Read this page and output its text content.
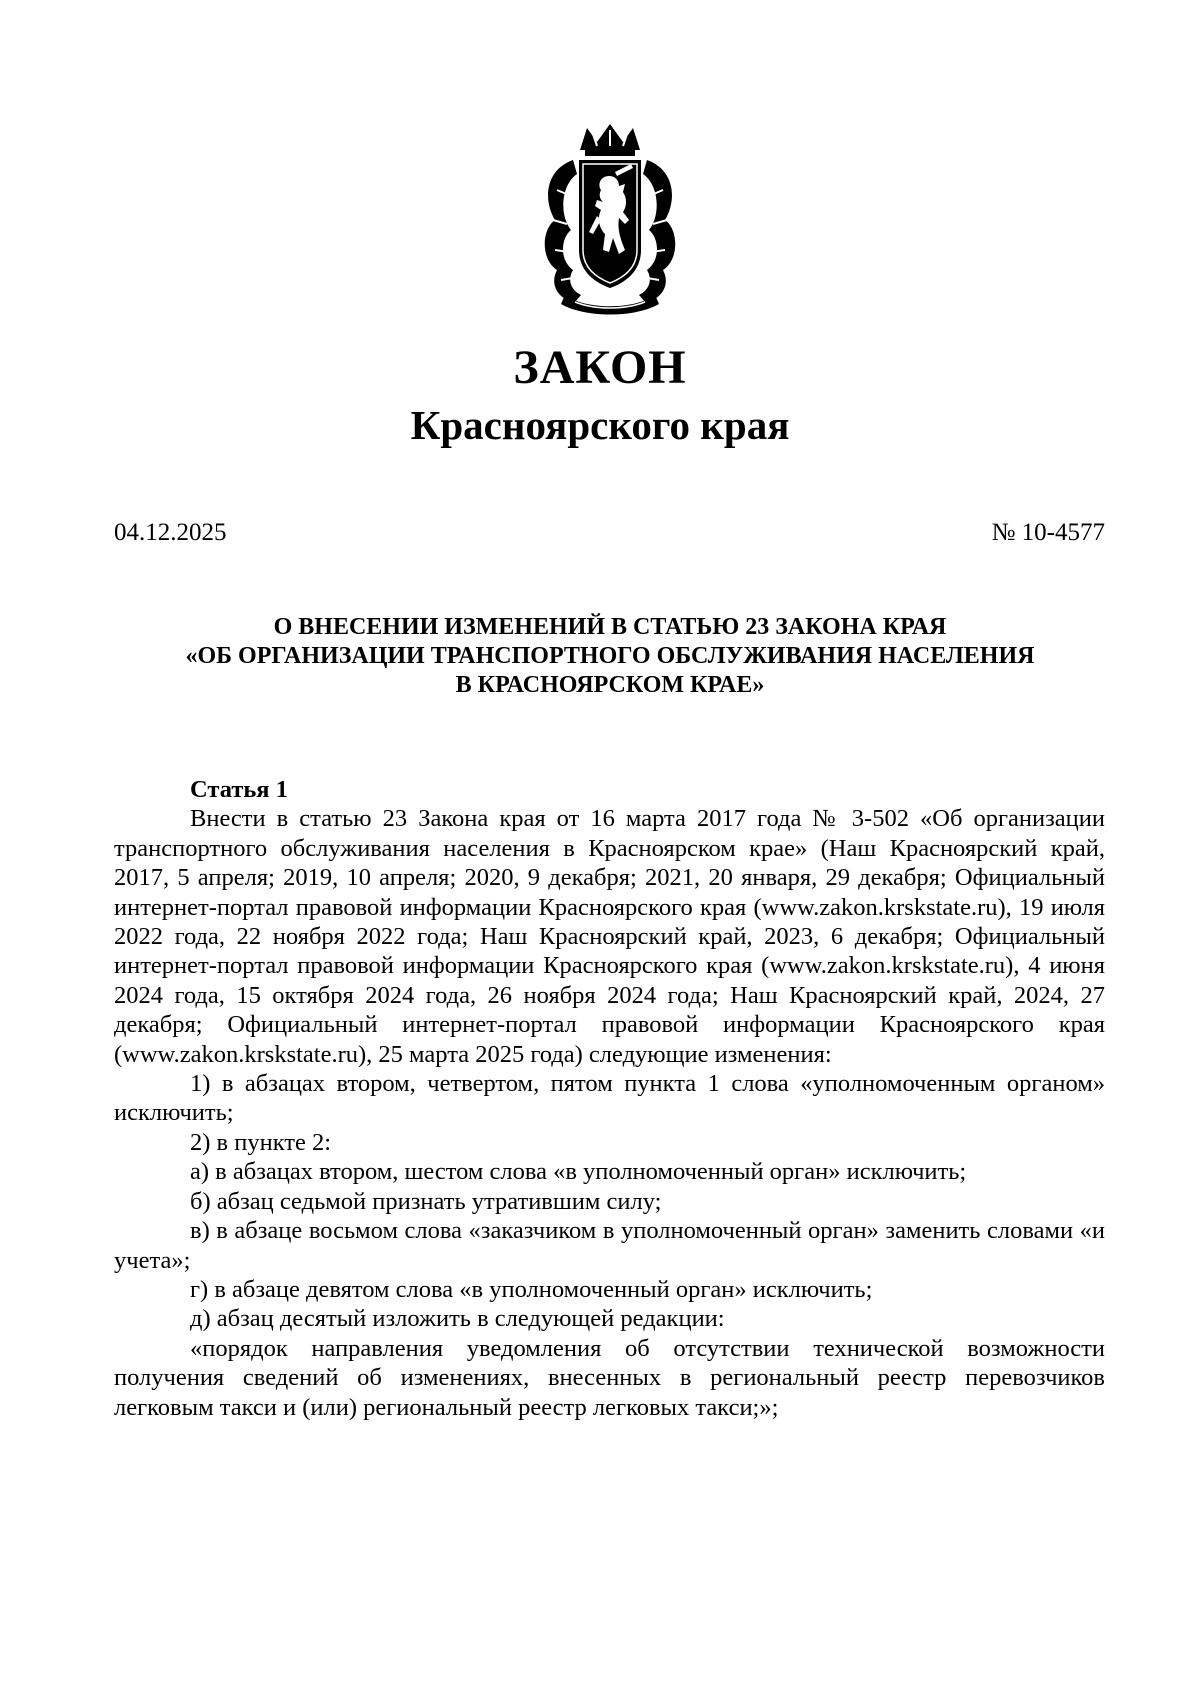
ЗАКОН
Красноярского края
04.12.2025	№ 10-4577
О ВНЕСЕНИИ ИЗМЕНЕНИЙ В СТАТЬЮ 23 ЗАКОНА КРАЯ
«ОБ ОРГАНИЗАЦИИ ТРАНСПОРТНОГО ОБСЛУЖИВАНИЯ НАСЕЛЕНИЯ
В КРАСНОЯРСКОМ КРАЕ»

Статья 1

Внести в статью 23 Закона края от 16 марта 2017 года № 3-502 «Об организации транспортного обслуживания населения в Красноярском крае» (Наш Красноярский край, 2017, 5 апреля; 2019, 10 апреля; 2020, 9 декабря; 2021, 20 января, 29 декабря; Официальный интернет-портал правовой информации Красноярского края (www.zakon.krskstate.ru), 19 июля 2022 года, 22 ноября 2022 года; Наш Красноярский край, 2023, 6 декабря; Официальный интернет-портал правовой информации Красноярского края (www.zakon.krskstate.ru), 4 июня 2024 года, 15 октября 2024 года, 26 ноября 2024 года; Наш Красноярский край, 2024, 27 декабря; Официальный интернет-портал правовой информации Красноярского края (www.zakon.krskstate.ru), 25 марта 2025 года) следующие изменения:

1) в абзацах втором, четвертом, пятом пункта 1 слова «уполномоченным органом» исключить;

2) в пункте 2:

а) в абзацах втором, шестом слова «в уполномоченный орган» исключить;

б) абзац седьмой признать утратившим силу;

в) в абзаце восьмом слова «заказчиком в уполномоченный орган» заменить словами «и учета»;

г) в абзаце девятом слова «в уполномоченный орган» исключить;

д) абзац десятый изложить в следующей редакции:

«порядок направления уведомления об отсутствии технической возможности получения сведений об изменениях, внесенных в региональный реестр перевозчиков легковым такси и (или) региональный реестр легковых такси;»;
